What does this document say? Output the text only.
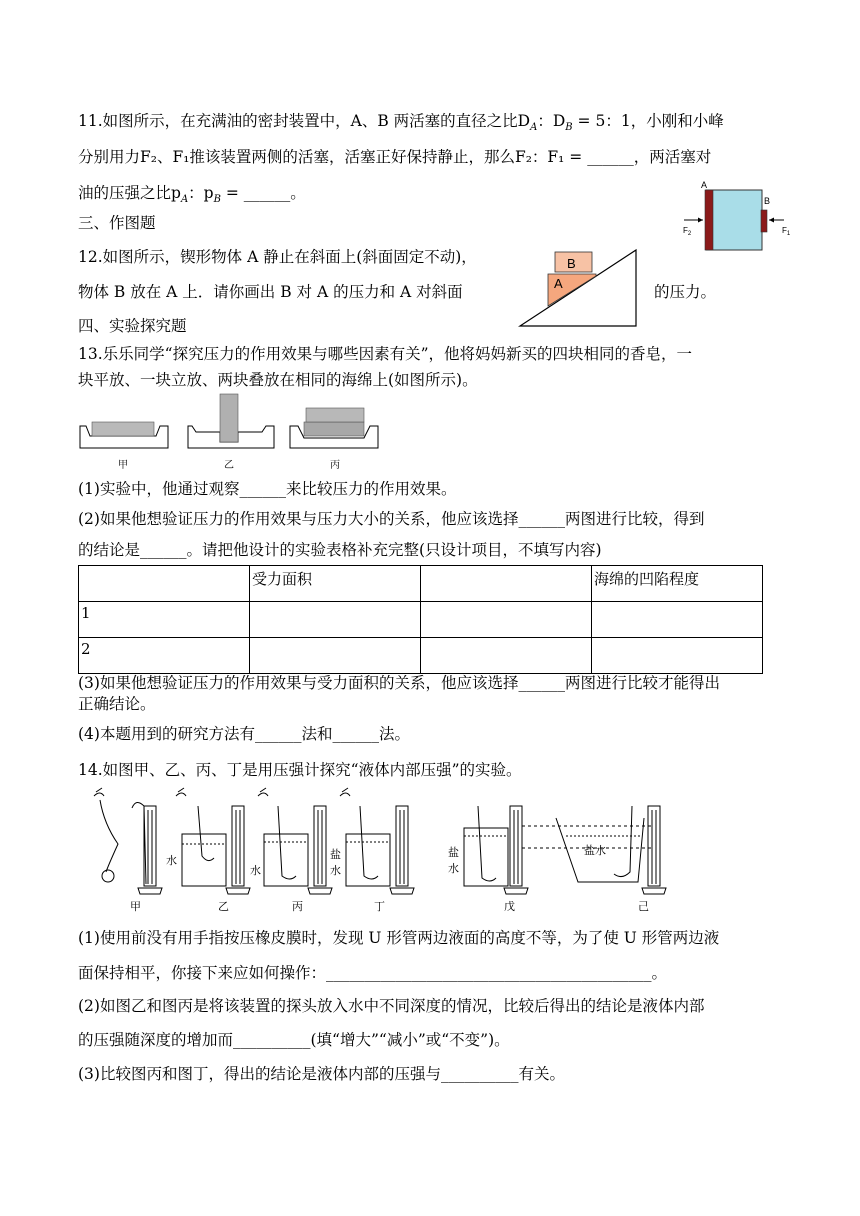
11.如图所示，在充满油的密封装置中，A、B 两活塞的直径之比$D_A$：$D_B = 5$：1，小刚和小峰
分别用力F₂、F₁推该装置两侧的活塞，活塞正好保持静止，那么F₂：F₁ = ______，两活塞对
油的压强之比$p_A$：$p_B$ = ______。	A
B
$F_2$	$F_1$
三、作图题
12.如图所示，锲形物体 A 静止在斜面上(斜面固定不动)，
物体 B 放在 A 上．请你画出 B 对 A 的压力和 A 对斜面	的压力。
A
B
四、实验探究题
13.乐乐同学“探究压力的作用效果与哪些因素有关”，他将妈妈新买的四块相同的香皂，一
块平放、一块立放、两块叠放在相同的海绵上(如图所示)。
甲	乙	丙
(1)实验中，他通过观察______来比较压力的作用效果。
(2)如果他想验证压力的作用效果与压力大小的关系，他应该选择______两图进行比较，得到
的结论是______。请把他设计的实验表格补充完整(只设计项目，不填写内容)
	受力面积		海绵的凹陷程度
1			
2			
(3)如果他想验证压力的作用效果与受力面积的关系，他应该选择______两图进行比较才能得出
正确结论。
(4)本题用到的研究方法有______法和______法。
14.如图甲、乙、丙、丁是用压强计探究“液体内部压强”的实验。
甲
水
乙
水
丙
盐
水
丁
盐
水
戊
盐水
己
(1)使用前没有用手指按压橡皮膜时，发现 U 形管两边液面的高度不等，为了使 U 形管两边液
面保持相平，你接下来应如何操作：__________________________________________。
(2)如图乙和图丙是将该装置的探头放入水中不同深度的情况，比较后得出的结论是液体内部
的压强随深度的增加而__________(填“增大”“减小”或“不变”)。
(3)比较图丙和图丁，得出的结论是液体内部的压强与__________有关。
